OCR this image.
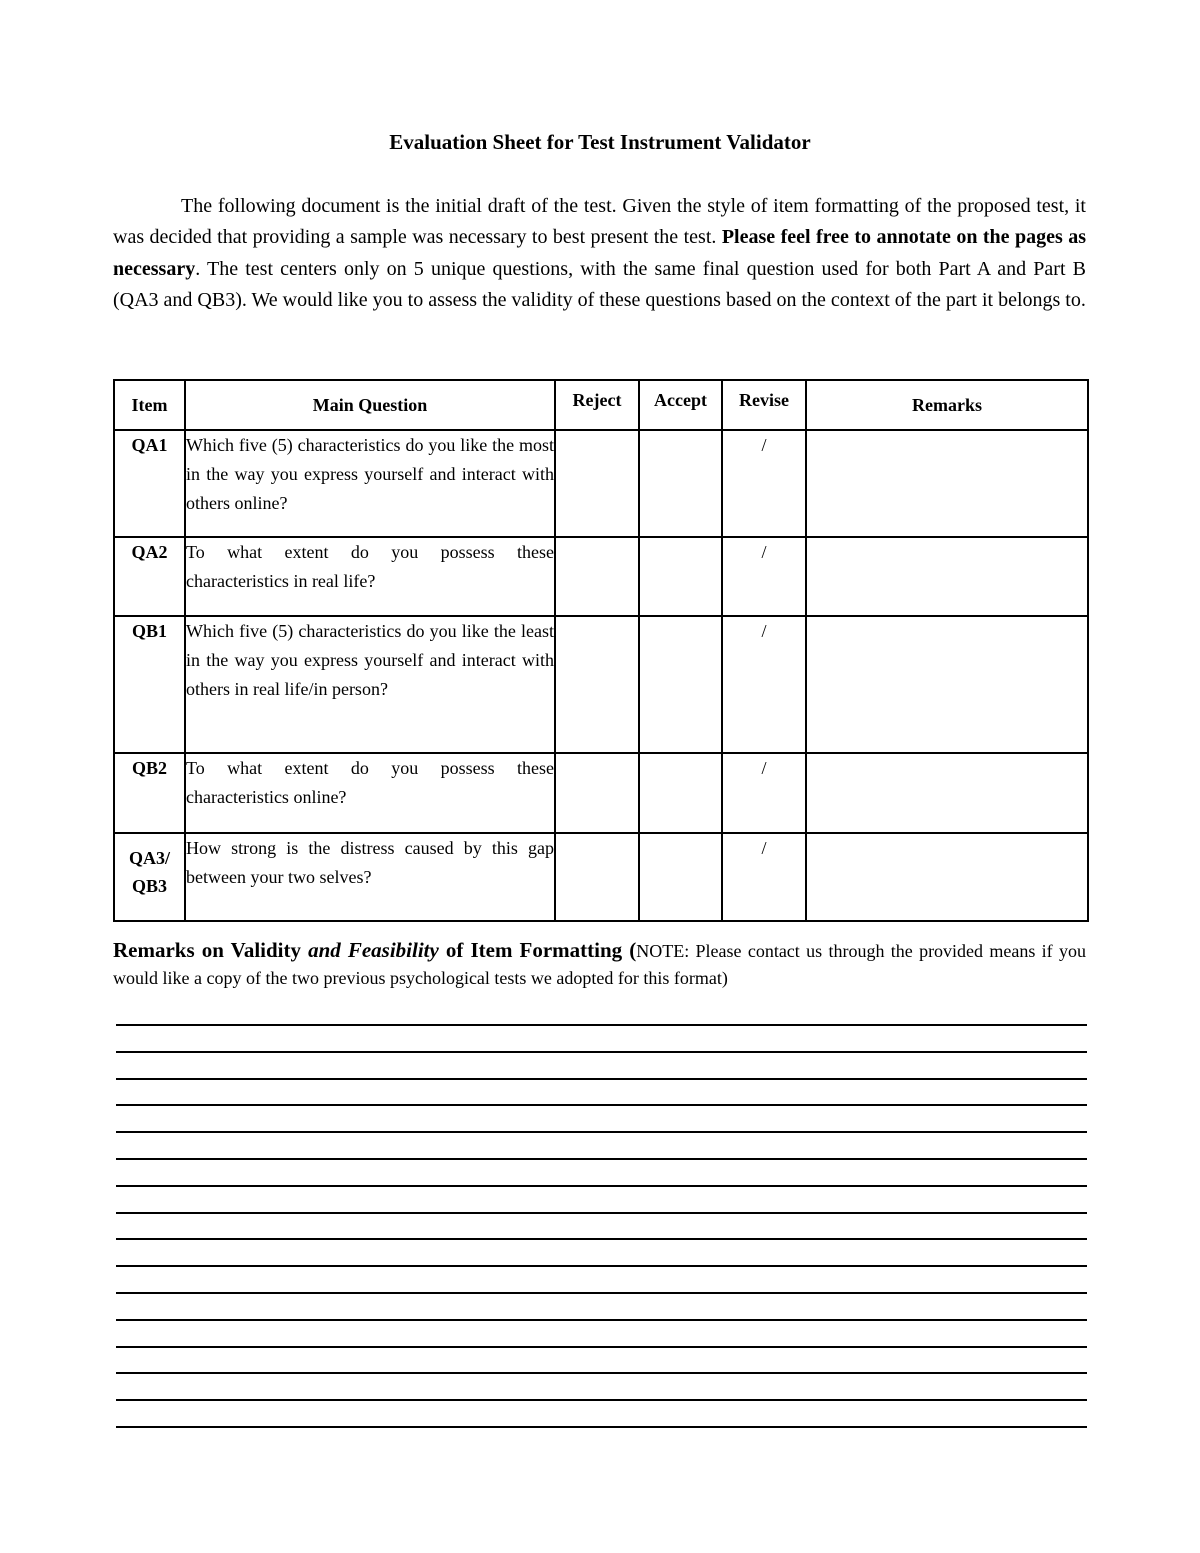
Evaluation Sheet for Test Instrument Validator

The following document is the initial draft of the test. Given the style of item formatting of the proposed test, it was decided that providing a sample was necessary to best present the test. Please feel free to annotate on the pages as necessary. The test centers only on 5 unique questions, with the same final question used for both Part A and Part B (QA3 and QB3). We would like you to assess the validity of these questions based on the context of the part it belongs to.

Item	Main Question	Reject	Accept	Revise	Remarks
QA1	Which five (5) characteristics do you like the most in the way you express yourself and interact with others online?			/	
QA2	To what extent do you possess these characteristics in real life?			/	
QB1	Which five (5) characteristics do you like the least in the way you express yourself and interact with others in real life/in person?			/	
QB2	To what extent do you possess these characteristics online?			/	
QA3/
QB3	How strong is the distress caused by this gap between your two selves?			/	

Remarks on Validity and Feasibility of Item Formatting (NOTE: Please contact us through the provided means if you would like a copy of the two previous psychological tests we adopted for this format)
